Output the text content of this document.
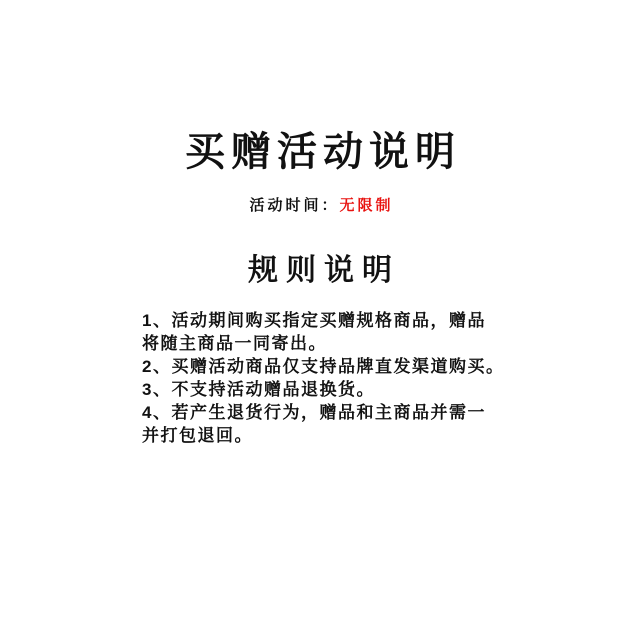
买赠活动说明
活动时间：无限制
规则说明
1、活动期间购买指定买赠规格商品，赠品
将随主商品一同寄出。
2、买赠活动商品仅支持品牌直发渠道购买。
3、不支持活动赠品退换货。
4、若产生退货行为，赠品和主商品并需一
并打包退回。
